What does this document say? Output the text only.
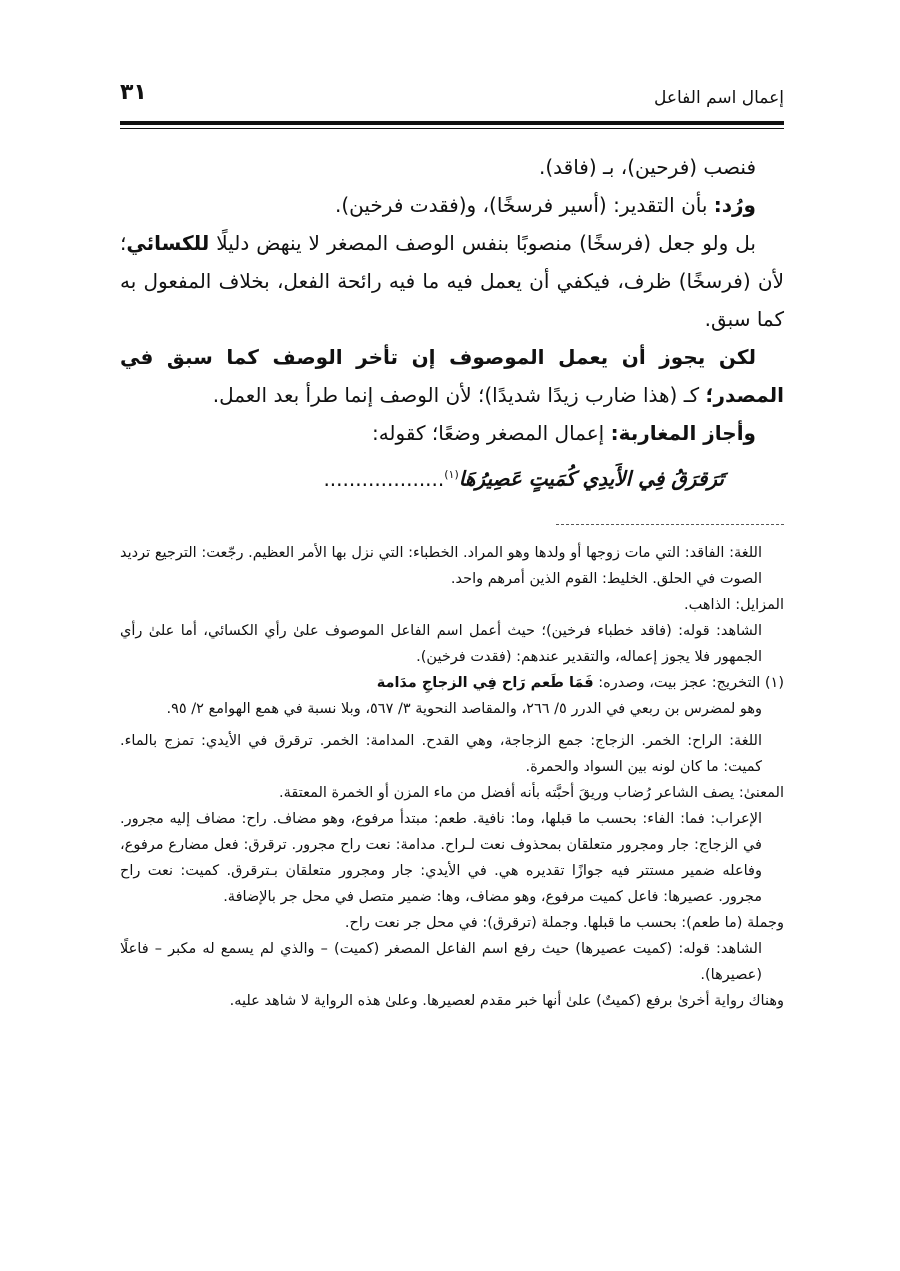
إعمال اسم الفاعل
٣١

فنصب (فرحين)، بـ (فاقد).

ورُد: بأن التقدير: (أسير فرسخًا)، و(فقدت فرخين).

بل ولو جعل (فرسخًا) منصوبًا بنفس الوصف المصغر لا ينهض دليلًا للكسائي؛ لأن (فرسخًا) ظرف، فيكفي أن يعمل فيه ما فيه رائحة الفعل، بخلاف المفعول به كما سبق.

لكن يجوز أن يعمل الموصوف إن تأخر الوصف كما سبق في المصدر؛ كـ (هذا ضارب زيدًا شديدًا)؛ لأن الوصف إنما طرأ بعد العمل.

وأجاز المغاربة: إعمال المصغر وضعًا؛ كقوله:

تَرَقرَقُ فِي الأَيدِي كُمَيتٍ عَصِيرُهَا$^{(١)}$...................

اللغة: الفاقد: التي مات زوجها أو ولدها وهو المراد. الخطباء: التي نزل بها الأمر العظيم. رجّعت: الترجيع ترديد الصوت في الحلق. الخليط: القوم الذين أمرهم واحد.

المزايل: الذاهب.

الشاهد: قوله: (فاقد خطباء فرخين)؛ حيث أعمل اسم الفاعل الموصوف علىٰ رأي الكسائي، أما علىٰ رأي الجمهور فلا يجوز إعماله، والتقدير عندهم: (فقدت فرخين).

(١) التخريج: عجز بيت، وصدره: فَمَا طَعم رَاح فِي الزجاجِ مدَامة

وهو لمضرس بن ربعي في الدرر ٥/ ٢٦٦، والمقاصد النحوية ٣/ ٥٦٧، وبلا نسبة في همع الهوامع ٢/ ٩٥.

اللغة: الراح: الخمر. الزجاج: جمع الزجاجة، وهي القدح. المدامة: الخمر. ترقرق في الأيدي: تمزج بالماء. كميت: ما كان لونه بين السواد والحمرة.

المعنىٰ: يصف الشاعر رُضاب وريقَ أحبَّته بأنه أفضل من ماء المزن أو الخمرة المعتقة.

الإعراب: فما: الفاء: بحسب ما قبلها، وما: نافية. طعم: مبتدأ مرفوع، وهو مضاف. راح: مضاف إليه مجرور. في الزجاج: جار ومجرور متعلقان بمحذوف نعت لـراح. مدامة: نعت راح مجرور. ترقرق: فعل مضارع مرفوع، وفاعله ضمير مستتر فيه جوازًا تقديره هي. في الأيدي: جار ومجرور متعلقان بـترقرق. كميت: نعت راح مجرور. عصيرها: فاعل كميت مرفوع، وهو مضاف، وها: ضمير متصل في محل جر بالإضافة.

وجملة (ما طعم): بحسب ما قبلها. وجملة (ترقرق): في محل جر نعت راح.

الشاهد: قوله: (كميت عصيرها) حيث رفع اسم الفاعل المصغر (كميت) – والذي لم يسمع له مكبر – فاعلًا (عصيرها).

وهناك رواية أخرىٰ برفع (كميتٌ) علىٰ أنها خبر مقدم لعصيرها. وعلىٰ هذه الرواية لا شاهد عليه.
